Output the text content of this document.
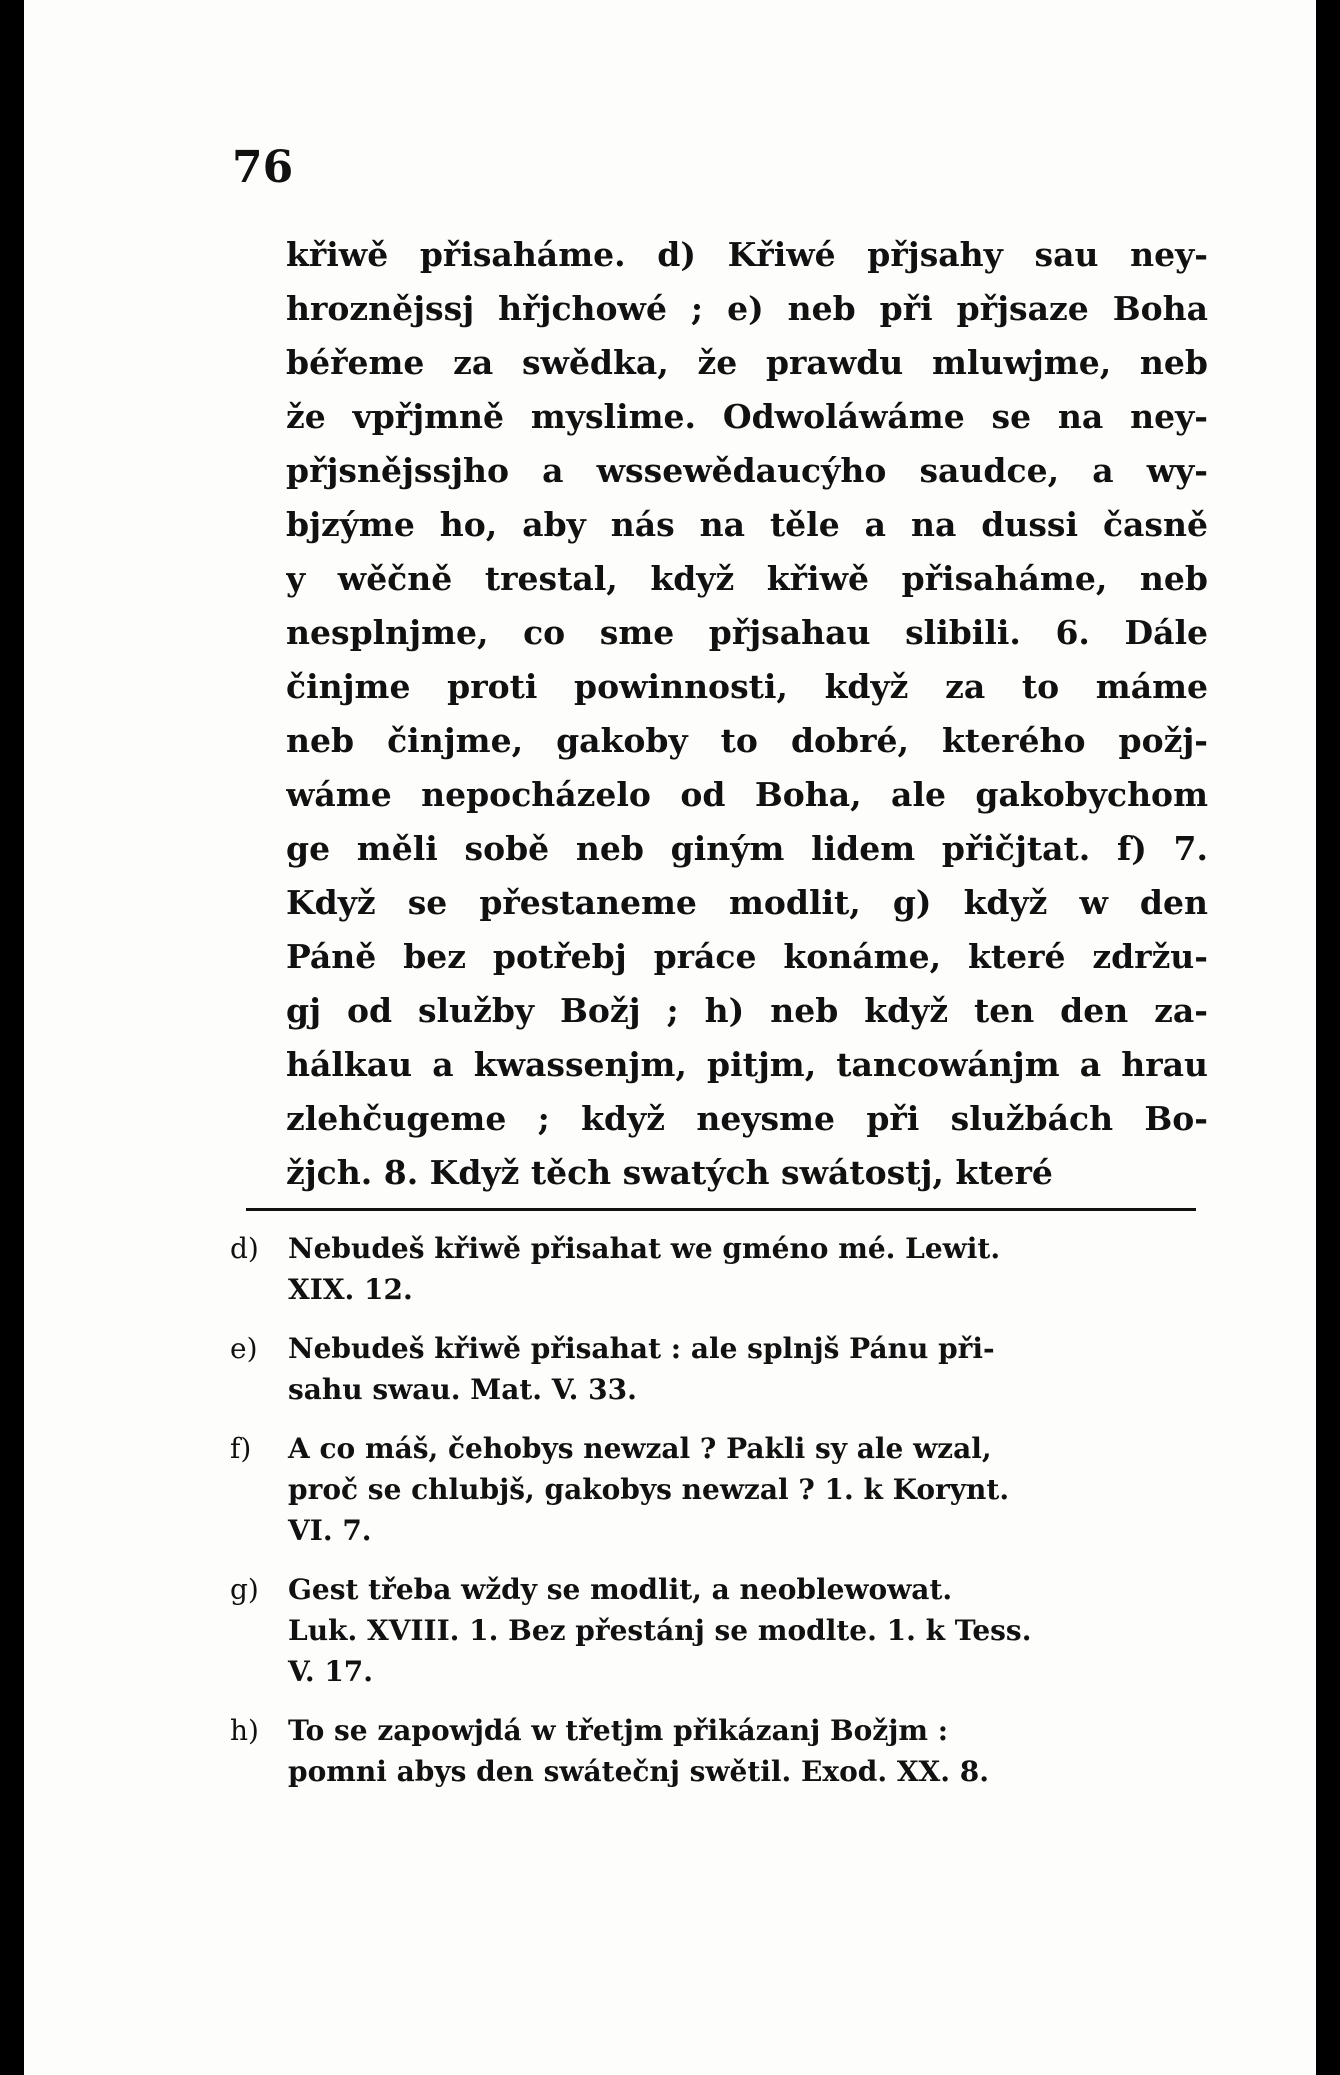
76

křiwě přisaháme. d) Křiwé přjsahy sau ney-
hroznějssj hřjchowé ; e) neb při přjsaze Boha
béřeme za swědka, že prawdu mluwjme, neb
že vpřjmně myslime. Odwoláwáme se na ney-
přjsnějssjho a wssewědaucýho saudce, a wy-
bjzýme ho, aby nás na těle a na dussi časně
y wěčně trestal, když křiwě přisaháme, neb
nesplnjme, co sme přjsahau slibili. 6. Dále
činjme proti powinnosti, když za to máme
neb činjme, gakoby to dobré, kterého požj-
wáme nepocházelo od Boha, ale gakobychom
ge měli sobě neb giným lidem přičjtat. f) 7.
Když se přestaneme modlit, g) když w den
Páně bez potřebj práce konáme, které zdržu-
gj od služby Božj ; h) neb když ten den za-
hálkau a kwassenjm, pitjm, tancowánjm a hrau
zlehčugeme ; když neysme při službách Bo-
žjch. 8. Když těch swatých swátostj, které
d) Nebudeš křiwě přisahat we gméno mé. Lewit.
XIX. 12.
e) Nebudeš křiwě přisahat : ale splnjš Pánu při-
sahu swau. Mat. V. 33.
f) A co máš, čehobys newzal ? Pakli sy ale wzal,
proč se chlubjš, gakobys newzal ? 1. k Korynt.
VI. 7.
g) Gest třeba wždy se modlit, a neoblewowat.
Luk. XVIII. 1. Bez přestánj se modlte. 1. k Tess.
V. 17.
h) To se zapowjdá w třetjm přikázanj Božjm :
pomni abys den swátečnj swětil. Exod. XX. 8.
